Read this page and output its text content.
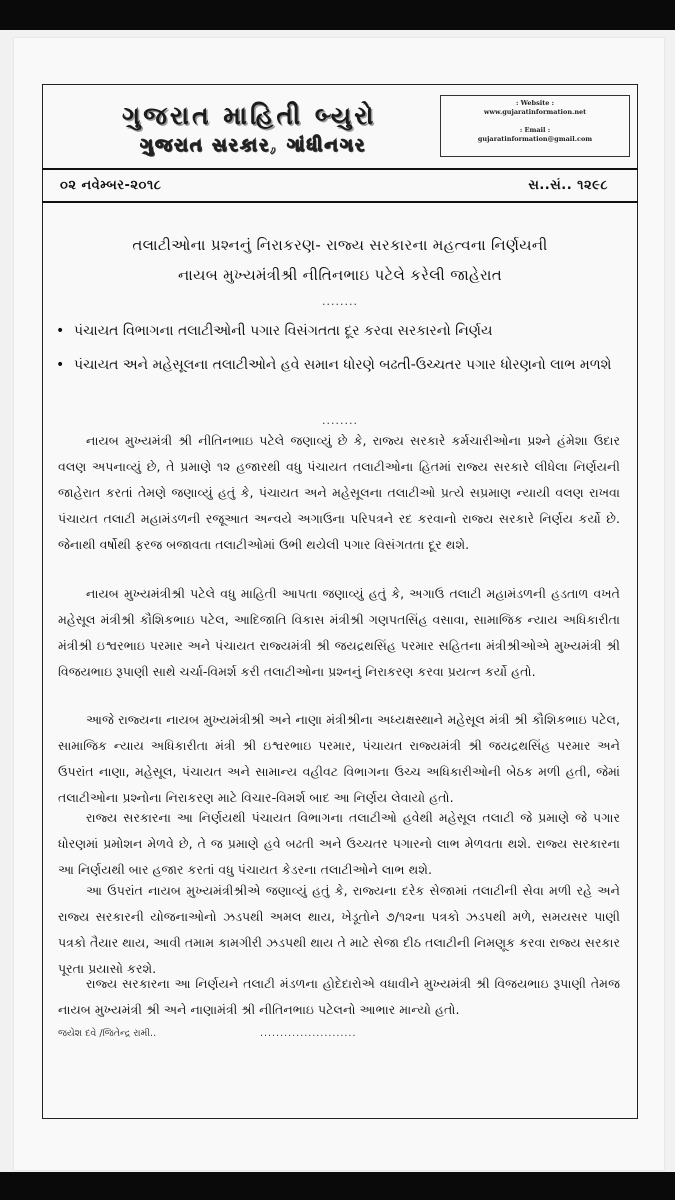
ગુજરાત માહિતી બ્યુરો
ગુજરાત સરકાર, ગાંધીનગર
: Website :
www.gujaratinformation.net
: Email :
gujaratinformation@gmail.com
૦૨ નવેમ્બર-૨૦૧૮	સ..સં.. ૧૨૯૮
તલાટીઓના પ્રશ્નનું નિરાકરણ- રાજ્ય સરકારના મહત્વના નિર્ણયની
નાયબ મુખ્યમંત્રીશ્રી નીતિનભાઇ પટેલે કરેલી જાહેરાત
........
• પંચાયત વિભાગના તલાટીઓની પગાર વિસંગતતા દૂર કરવા સરકારનો નિર્ણય
• પંચાયત અને મહેસૂલના તલાટીઓને હવે સમાન ધોરણે બઢતી-ઉચ્ચતર પગાર ધોરણનો લાભ મળશે
........
નાયબ મુખ્યમંત્રી શ્રી નીતિનભાઇ પટેલે જણાવ્યું છે કે, રાજ્ય સરકારે કર્મચારીઓના પ્રશ્ને હંમેશા ઉદાર વલણ અપનાવ્યું છે, તે પ્રમાણે ૧૨ હજારથી વધુ પંચાયત તલાટીઓના હિતમાં રાજ્ય સરકારે લીધેલા નિર્ણયની જાહેરાત કરતાં તેમણે જણાવ્યું હતું કે, પંચાયત અને મહેસૂલના તલાટીઓ પ્રત્યે સપ્રમાણ ન્યાયી વલણ રાખવા પંચાયત તલાટી મહામંડળની રજૂઆત અન્વયે અગાઉના પરિપત્રને રદ કરવાનો રાજ્ય સરકારે નિર્ણય કર્યો છે. જેનાથી વર્ષોથી ફરજ બજાવતા તલાટીઓમાં ઉભી થયેલી પગાર વિસંગતતા દૂર થશે.
નાયબ મુખ્યમંત્રીશ્રી પટેલે વધુ માહિતી આપતા જણાવ્યું હતું કે, અગાઉ તલાટી મહામંડળની હડતાળ વખતે મહેસૂલ મંત્રીશ્રી કૌશિકભાઇ પટેલ, આદિજાતિ વિકાસ મંત્રીશ્રી ગણપતસિંહ વસાવા, સામાજિક ન્યાય અધિકારીતા મંત્રીશ્રી ઇશ્વરભાઇ પરમાર અને પંચાયત રાજ્યમંત્રી શ્રી જયદ્રથસિંહ પરમાર સહિતના મંત્રીશ્રીઓએ મુખ્યમંત્રી શ્રી વિજયભાઇ રૂપાણી સાથે ચર્ચા-વિમર્શ કરી તલાટીઓના પ્રશ્નનું નિરાકરણ કરવા પ્રયત્ન કર્યો હતો.
આજે રાજ્યના નાયબ મુખ્યમંત્રીશ્રી અને નાણા મંત્રીશ્રીના અધ્યક્ષસ્થાને મહેસૂલ મંત્રી શ્રી કૌશિકભાઇ પટેલ, સામાજિક ન્યાય અધિકારીતા મંત્રી શ્રી ઇશ્વરભાઇ પરમાર, પંચાયત રાજ્યમંત્રી શ્રી જયદ્રથસિંહ પરમાર અને ઉપરાંત નાણા, મહેસૂલ, પંચાયત અને સામાન્ય વહીવટ વિભાગના ઉચ્ચ અધિકારીઓની બેઠક મળી હતી, જેમાં તલાટીઓના પ્રશ્નોના નિરાકરણ માટે વિચાર-વિમર્શ બાદ આ નિર્ણય લેવાયો હતો.
રાજ્ય સરકારના આ નિર્ણયથી પંચાયત વિભાગના તલાટીઓ હવેથી મહેસૂલ તલાટી જે પ્રમાણે જે પગાર ધોરણમાં પ્રમોશન મેળવે છે, તે જ પ્રમાણે હવે બઢતી અને ઉચ્ચતર પગારનો લાભ મેળવતા થશે. રાજ્ય સરકારના આ નિર્ણયથી બાર હજાર કરતાં વધુ પંચાયત કેડરના તલાટીઓને લાભ થશે.
આ ઉપરાંત નાયબ મુખ્યમંત્રીશ્રીએ જણાવ્યું હતું કે, રાજ્યના દરેક સેજામાં તલાટીની સેવા મળી રહે અને રાજ્ય સરકારની યોજનાઓનો ઝડપથી અમલ થાય, ખેડૂતોને ૭/૧૨ના પત્રકો ઝડપથી મળે, સમયસર પાણી પત્રકો તૈયાર થાય, આવી તમામ કામગીરી ઝડપથી થાય તે માટે સેજા દીઠ તલાટીની નિમણૂક કરવા રાજ્ય સરકાર પૂરતા પ્રયાસો કરશે.
રાજ્ય સરકારના આ નિર્ણયને તલાટી મંડળના હોદેદારોએ વધાવીને મુખ્યમંત્રી શ્રી વિજયભાઇ રૂપાણી તેમજ નાયબ મુખ્યમંત્રી શ્રી અને નાણામંત્રી શ્રી નીતિનભાઇ પટેલનો આભાર માન્યો હતો.
જયેશ દવે /જિતેન્દ્ર રામી..	........................
